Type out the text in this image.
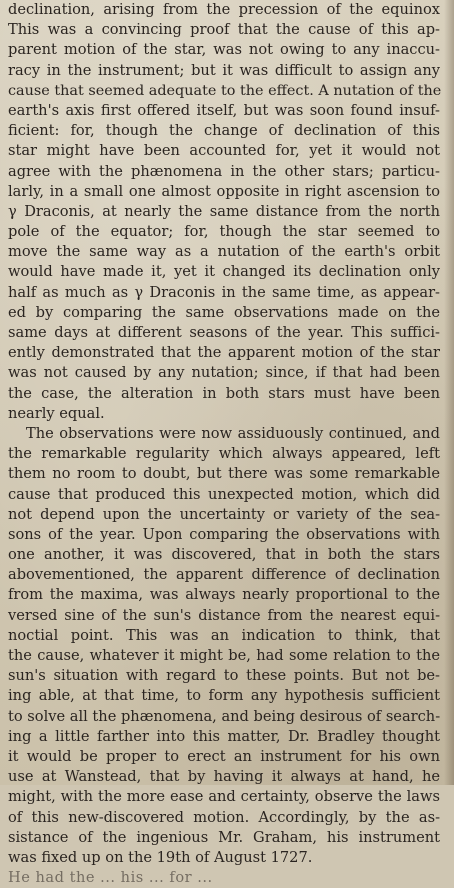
declination, arising from the precession of the equinox
This was a convincing proof that the cause of this ap-
parent motion of the star, was not owing to any inaccu-
racy in the instrument; but it was difficult to assign any
cause that seemed adequate to the effect. A nutation of the
earth's axis first offered itself, but was soon found insuf-
ficient: for, though the change of declination of this
star might have been accounted for, yet it would not
agree with the phænomena in the other stars; particu-
larly, in a small one almost opposite in right ascension to
γ Draconis, at nearly the same distance from the north
pole of the equator; for, though the star seemed to
move the same way as a nutation of the earth's orbit
would have made it, yet it changed its declination only
half as much as γ Draconis in the same time, as appear-
ed by comparing the same observations made on the
same days at different seasons of the year. This suffici-
ently demonstrated that the apparent motion of the star
was not caused by any nutation; since, if that had been
the case, the alteration in both stars must have been
nearly equal.
The observations were now assiduously continued, and
the remarkable regularity which always appeared, left
them no room to doubt, but there was some remarkable
cause that produced this unexpected motion, which did
not depend upon the uncertainty or variety of the sea-
sons of the year. Upon comparing the observations with
one another, it was discovered, that in both the stars
abovementioned, the apparent difference of declination
from the maxima, was always nearly proportional to the
versed sine of the sun's distance from the nearest equi-
noctial point. This was an indication to think, that
the cause, whatever it might be, had some relation to the
sun's situation with regard to these points. But not be-
ing able, at that time, to form any hypothesis sufficient
to solve all the phænomena, and being desirous of search-
ing a little farther into this matter, Dr. Bradley thought
it would be proper to erect an instrument for his own
use at Wanstead, that by having it always at hand, he
might, with the more ease and certainty, observe the laws
of this new-discovered motion. Accordingly, by the as-
sistance of the ingenious Mr. Graham, his instrument
was fixed up on the 19th of August 1727.
He had the ... his ... for ...
